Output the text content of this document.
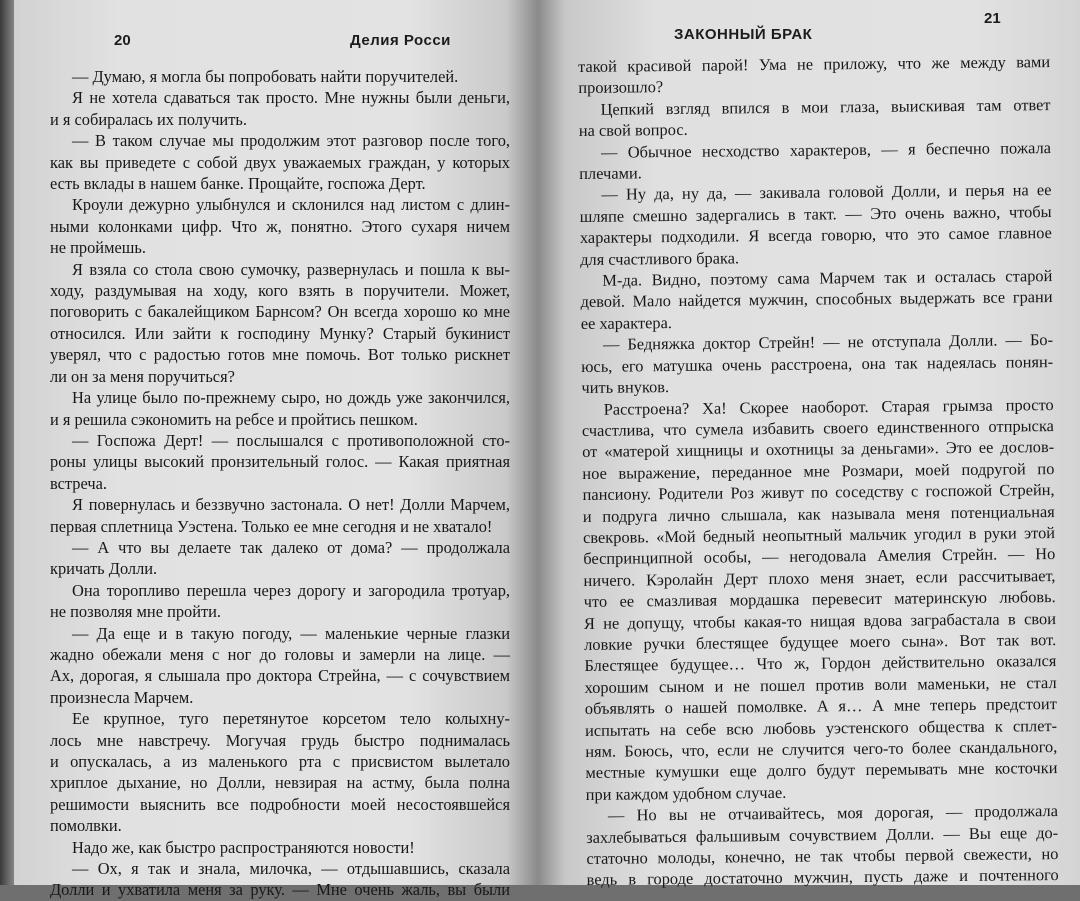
20	Делия Росси

— Думаю, я могла бы попробовать найти поручителей.

Я не хотела сдаваться так просто. Мне нужны были деньги,

и я собиралась их получить.

— В таком случае мы продолжим этот разговор после того,

как вы приведете с собой двух уважаемых граждан, у которых

есть вклады в нашем банке. Прощайте, госпожа Дерт.

Кроули дежурно улыбнулся и склонился над листом с длин-

ными колонками цифр. Что ж, понятно. Этого сухаря ничем

не проймешь.

Я взяла со стола свою сумочку, развернулась и пошла к вы-

ходу, раздумывая на ходу, кого взять в поручители. Может,

поговорить с бакалейщиком Барнсом? Он всегда хорошо ко мне

относился. Или зайти к господину Мунку? Старый букинист

уверял, что с радостью готов мне помочь. Вот только рискнет

ли он за меня поручиться?

На улице было по-прежнему сыро, но дождь уже закончился,

и я решила сэкономить на ребсе и пройтись пешком.

— Госпожа Дерт! — послышался с противоположной сто-

роны улицы высокий пронзительный голос. — Какая приятная

встреча.

Я повернулась и беззвучно застонала. О нет! Долли Марчем,

первая сплетница Уэстена. Только ее мне сегодня и не хватало!

— А что вы делаете так далеко от дома? — продолжала

кричать Долли.

Она торопливо перешла через дорогу и загородила тротуар,

не позволяя мне пройти.

— Да еще и в такую погоду, — маленькие черные глазки

жадно обежали меня с ног до головы и замерли на лице. —

Ах, дорогая, я слышала про доктора Стрейна, — с сочувствием

произнесла Марчем.

Ее крупное, туго перетянутое корсетом тело колыхну-

лось мне навстречу. Могучая грудь быстро поднималась

и опускалась, а из маленького рта с присвистом вылетало

хриплое дыхание, но Долли, невзирая на астму, была полна

решимости выяснить все подробности моей несостоявшейся

помолвки.

Надо же, как быстро распространяются новости!

— Ох, я так и знала, милочка, — отдышавшись, сказала

Долли и ухватила меня за руку. — Мне очень жаль, вы были

ЗАКОННЫЙ БРАК
21

такой красивой парой! Ума не приложу, что же между вами

произошло?

Цепкий взгляд впился в мои глаза, выискивая там ответ

на свой вопрос.

— Обычное несходство характеров, — я беспечно пожала

плечами.

— Ну да, ну да, — закивала головой Долли, и перья на ее

шляпе смешно задергались в такт. — Это очень важно, чтобы

характеры подходили. Я всегда говорю, что это самое главное

для счастливого брака.

М-да. Видно, поэтому сама Марчем так и осталась старой

девой. Мало найдется мужчин, способных выдержать все грани

ее характера.

— Бедняжка доктор Стрейн! — не отступала Долли. — Бо-

юсь, его матушка очень расстроена, она так надеялась понян-

чить внуков.

Расстроена? Ха! Скорее наоборот. Старая грымза просто

счастлива, что сумела избавить своего единственного отпрыска

от «матерой хищницы и охотницы за деньгами». Это ее дослов-

ное выражение, переданное мне Розмари, моей подругой по

пансиону. Родители Роз живут по соседству с госпожой Стрейн,

и подруга лично слышала, как называла меня потенциальная

свекровь. «Мой бедный неопытный мальчик угодил в руки этой

беспринципной особы, — негодовала Амелия Стрейн. — Но

ничего. Кэролайн Дерт плохо меня знает, если рассчитывает,

что ее смазливая мордашка перевесит материнскую любовь.

Я не допущу, чтобы какая-то нищая вдова заграбастала в свои

ловкие ручки блестящее будущее моего сына». Вот так вот.

Блестящее будущее… Что ж, Гордон действительно оказался

хорошим сыном и не пошел против воли маменьки, не стал

объявлять о нашей помолвке. А я… А мне теперь предстоит

испытать на себе всю любовь уэстенского общества к сплет-

ням. Боюсь, что, если не случится чего-то более скандального,

местные кумушки еще долго будут перемывать мне косточки

при каждом удобном случае.

— Но вы не отчаивайтесь, моя дорогая, — продолжала

захлебываться фальшивым сочувствием Долли. — Вы еще до-

статочно молоды, конечно, не так чтобы первой свежести, но

ведь в городе достаточно мужчин, пусть даже и почтенного
